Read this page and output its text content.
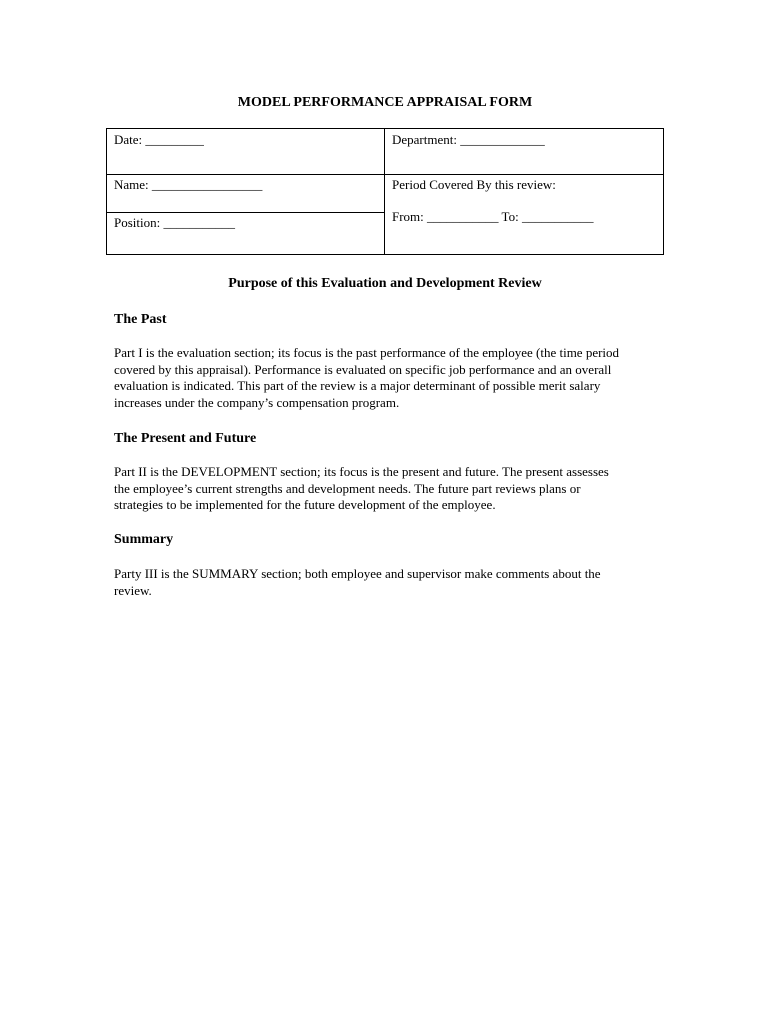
MODEL PERFORMANCE APPRAISAL FORM
Date: _________	Department: _____________
Name: _________________	Period Covered By this review:
From: ___________ To: ___________
Position: ___________
Purpose of this Evaluation and Development Review
The Past
Part I is the evaluation section; its focus is the past performance of the employee (the time period
covered by this appraisal). Performance is evaluated on specific job performance and an overall
evaluation is indicated. This part of the review is a major determinant of possible merit salary
increases under the company’s compensation program.
The Present and Future
Part II is the DEVELOPMENT section; its focus is the present and future. The present assesses
the employee’s current strengths and development needs. The future part reviews plans or
strategies to be implemented for the future development of the employee.
Summary
Party III is the SUMMARY section; both employee and supervisor make comments about the
review.
